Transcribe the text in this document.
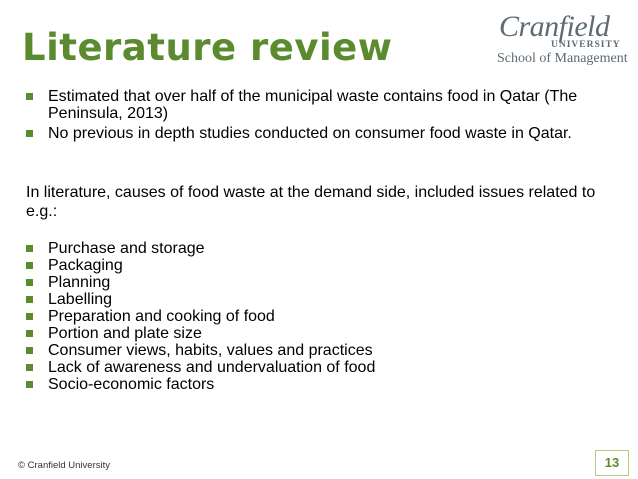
Literature review	Cranfield
UNIVERSITY
School of Management
Estimated that over half of the municipal waste contains food in Qatar (The Peninsula, 2013)
No previous in depth studies conducted on consumer food waste in Qatar.

In literature, causes of food waste at the demand side, included issues related to e.g.:

Purchase and storage
Packaging
Planning
Labelling
Preparation and cooking of food
Portion and plate size
Consumer views, habits, values and practices
Lack of awareness and undervaluation of food
Socio-economic factors
© Cranfield University	13
